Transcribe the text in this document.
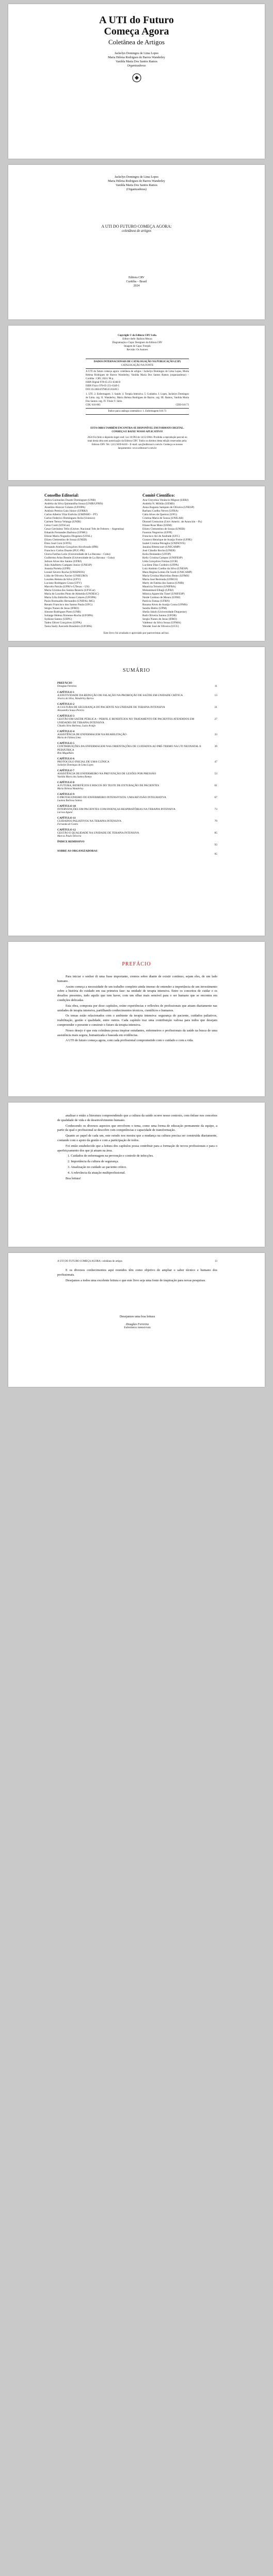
A UTI do Futuro
Começa Agora
Coletânea de Artigos
Jackelyn Domingos de Lima Lopes
Maria Helena Rodrigues de Barros Wanderley
Vanilda Maria Dos Santos Ramos
Organizadoras
Jackelyn Domingos de Lima Lopes
Maria Helena Rodrigues de Barros Wanderley
Vanilda Maria Dos Santos Ramos
(Organizadoras)
A UTI DO FUTURO COMEÇA AGORA:
coletânea de artigos
Editora CRV
Curitiba – Brasil
2024
Copyright © da Editora CRV Ltda.
Editor-chefe: Railson Moura
Diagramação e Capa: Designers da Editora CRV
Imagem de Capa: Freepik
Revisão: Os Autores
DADOS INTERNACIONAIS DE CATALOGAÇÃO NA PUBLICAÇÃO (CIP)
CATALOGAÇÃO NA FONTE
A UTI do futuro começa agora: coletânea de artigos / Jackelyn Domingos de Lima Lopes, Maria Helena Rodrigues de Barros Wanderley, Vanilda Maria Dos Santos Ramos (organizadoras) – Curitiba : CRV, 2024. 98 p.
ISBN Digital 978-65-251-6348-8
ISBN Físico 978-65-251-6349-5
DOI 10.24824/978652516349.5
1. UTI. 2. Enfermagem. 3. Saúde. 4. Terapia Intensiva. 5. Cuidados. I. Lopes, Jackelyn Domingos de Lima. org. II. Wanderley, Maria Helena Rodrigues de Barros. org. III. Ramos, Vanilda Maria Dos Santos. org. IV. Título V. Série.
CDU 616-083	CDD 610.73
Índice para catálogo sistemático: 1. Enfermagem 610.73
ESTA OBRA TAMBÉM ENCONTRA-SE DISPONÍVEL EM FORMATO DIGITAL. CONHEÇA E BAIXE NOSSO APLICATIVO!
2024 Foi feito o depósito legal conf. Lei 10.994 de 14/12/2004. Proibida a reprodução parcial ou total desta obra sem autorização da Editora CRV. Todos os direitos desta edição reservados pela: Editora CRV. Tel.: (41) 3039-6418 – E-mail: sac@editoracrv.com.br. Conheça os nossos lançamentos: www.editoracrv.com.br
Conselho Editorial:
Aldira Guimarães Duarte Domínguez (UNB)
Andréia da Silva Quintanilha Sousa (UNIR/UFRN)
Anselmo Alencar Colares (UFOPA)
Antônio Pereira Gaio Júnior (UFRRJ)
Carlos Alberto Vilar Estêvão (UMINHO – PT)
Carlos Federico Dominguez Avila (Unieuro)
Carmen Tereza Velanga (UNIR)
Celso Conti (UFSCar)
Cesar Gerónimo Tello (Univer. Nacional Três de Febrero – Argentina)
Eduardo Fernandes Barbosa (UFMG)
Elione Maria Nogueira Diogenes (UFAL)
Elizeu Clementino de Souza (UNEB)
Élsio José Corá (UFFS)
Fernando Antônio Gonçalves Alcoforado (IPB)
Francisco Carlos Duarte (PUC-PR)
Gloria Fariñas León (Universidade de La Havana – Cuba)
Guillermo Arias Beatón (Universidade de La Havana – Cuba)
Jailson Alves dos Santos (UFRJ)
João Adalberto Campato Junior (UNESP)
Josania Portela (UFPI)
Leonel Severo Rocha (UNISINOS)
Lídia de Oliveira Xavier (UNIEURO)
Lourdes Helena da Silva (UFV)
Luciano Rodrigues Costa (UFV)
Marcelo Paixão (UFRJ e UTexas – US)
Maria Cristina dos Santos Bezerra (UFSCar)
Maria de Lourdes Pinto de Almeida (UNOESC)
Maria Lília Imbiriba Sousa Colares (UFOPA)
Paulo Romualdo Hernandes (UNIFAL-MG)
Renato Francisco dos Santos Paula (UFG)
Sérgio Nunes de Jesus (IFRO)
Simone Rodrigues Pinto (UNB)
Solange Helena Ximenes-Rocha (UFOPA)
Sydione Santos (UEPG)
Tadeu Oliver Gonçalves (UFPA)
Tania Suely Azevedo Brasileiro (UFOPA)
Comitê Científico:
Ana Chrystina Venâncio Mignot (UERJ)
Andréia N. Militão (UEMS)
Anna Augusta Sampaio de Oliveira (UNESP)
Barbara Coelho Neves (UFBA)
Cátia Alves de Queiroz (UFG)
Cristina Maria de Souza (UNILAB)
Diosnel Centurion (Univ Americ. de Asunción – Py)
Eliane Rose Maio (UEM)
Elizeu Clementino de Souza (UNEB)
Fauston Negreiros (UFPI)
Francisco Ari de Andrade (UFC)
Gustavo Henrique de Araújo Freire (UFPE)
Izabel Cristina Petraglia (UNINOVE)
Janaína Bittencourt (UNICAMP)
José Cláudio Rocha (UNEB)
Keila Deslandes (UFOP)
Kelly Cristina Campos (UNIFESP)
Lêda Gonçalves Freitas (UCB)
Lucilene Dias Cordeiro (UFPA)
Luiz Antônio Coelho da Silva (UNESP)
Mara Regina Lemes De Sordi (UNICAMP)
Maria Cristina Marcelino Bento (UFMS)
Maria José Bermuda (UFRGS)
Marly de Fatima dos Santos (UNIR)
Maurícia Teixeira (UNIFRA)
Mohammed Elhajji (UFRJ)
Mônica Aparecida Tonel (UNIFESP)
Neide Cardoso de Moura (UFRJ)
Patrícia Tomaz (UFRN)
Rosana Alves de Araújo Costa (UFMS)
Sandra Bettio (UPM)
Sheila Jakob (Universidade Duquesne)
Ruth Oliveira Santos (UFOB)
Sergio Nunes de Jesus (IFRO)
Valdenor da Silva Sousa (UFMA)
Wender José de Oliveira (UCG)
Este livro foi avaliado e aprovado por pareceristas ad hoc.
SUMÁRIO
PREFÁCIO
Douglas Ferreira	11
CAPÍTULO 1
A EFETIVIDADE DA REDUÇÃO DE FALAÇÃO NA PROMOÇÃO DE SAÚDE EM UNIDADE CRÍTICA	13
Jéssica da Silva, Wanderley Barros
CAPÍTULO 2
A CULTURA DE SEGURANÇA DO PACIENTE NA UNIDADE DE TERAPIA INTENSIVA	21
Alessandra Sousa Pereira
CAPÍTULO 3
GESTÃO EM SAÚDE PÚBLICA – PERFIL E BENEFÍCIOS NO TRATAMENTO DE PACIENTES ATENDIDOS EM UNIDADES DE TERAPIA INTENSIVA
27
Cláudia Silva Barbosa, Luzia Araújo
CAPÍTULO 4
ASSISTÊNCIA DE ENFERMAGEM NA REABILITAÇÃO	33
Maria de Fátima Lima
CAPÍTULO 5
CONTRIBUIÇÕES DA ENFERMAGEM NAS ORIENTAÇÕES DE CUIDADOS AO PRÉ-TERMO NA UTI NEONATAL E PEDIÁTRICA
39
Rita Magalhães
CAPÍTULO 6
PROTOCOLO INICIAL DE UMA CLÍNICA	47
Jackelyn Domingos de Lima Lopes
CAPÍTULO 7
ASSISTÊNCIA DE ENFERMEIRO NA PREVENÇÃO DE LESÕES POR PRESSÃO	53
Vanilda Maria dos Santos Ramos
CAPÍTULO 8
A FUTURA, BENEFÍCIOS E RISCOS DO TESTE DE EXTUBAÇÃO DE PACIENTES	61
Maria Helena Wanderley
CAPÍTULO 9
O PROTAGONISMO DO ENFERMEIRO INTENSIVISTA: UMA REVISÃO INTEGRATIVA	67
Luanna Barbosa Santos
CAPÍTULO 10
INTERVENÇÕES EM PACIENTES COM DOENÇAS RESPIRATÓRIAS NA TERAPIA INTENSIVA	73
Larissa Aguiar
CAPÍTULO 11
CUIDADOS PALIATIVOS NA TERAPIA INTENSIVA	79
Fernanda de Castro
CAPÍTULO 12
GESTÃO E QUALIDADE NA UNIDADE DE TERAPIA INTENSIVA	85
Marcos Paulo Oliveira
ÍNDICE REMISSIVO
93
SOBRE AS ORGANIZADORAS
95
PREFÁCIO

Para iniciar o senhor di uma frase importante, cremos sobre diante de existir contínuo, sejam eles, de um lado humano.

Assim começa a necessidade de um trabalho completo ainda imenso de entender a importância de um investimento sobre a história do cuidado em sua primeira fase: na unidade de terapia intensiva. Entre os conceitos de cuidar e os desafios presentes, tudo aquilo que tem haver, com um olhar mais sensível para o ser humano que se encontra em condições delicadas.

Esta obra, composta por doze capítulos, reúne experiências e reflexões de profissionais que atuam diariamente nas unidades de terapia intensiva, partilhando conhecimentos técnicos, científicos e humanos.

Os temas estão relacionados com o ambiente da terapia intensiva: segurança do paciente, cuidados paliativos, reabilitação, gestão e qualidade, entre outros. Cada capítulo traz uma contribuição valiosa para todos que desejam compreender o presente e construir o futuro da terapia intensiva.

Nosso desejo é que esta coletânea possa inspirar estudantes, enfermeiros e profissionais da saúde na busca de uma assistência mais segura, humanizada e baseada em evidências.

A UTI do futuro começa agora, com cada profissional comprometido com o cuidado e com a vida.

analisar e então a literatura compreendendo que a cultura da saúde ocorre nesse contexto, com ênfase nos conceitos de qualidade de vida e de desenvolvimento humano.

Conhecendo os diversos aspectos que envolvem o tema, como uma forma de educação permanente da equipe, a partir da qual o profissional se descobre com competências e capacidade de transformação.

Quanto ao papel de cada um, este estudo nos mostra que a mudança na cultura precisa ser construída diariamente, contando com o apoio da gestão e com a participação de todos.

Foi então estabelecido que a leitura dos capítulos possa contribuir para a formação de novos profissionais e para o aperfeiçoamento dos que já atuam na área.

1. Cuidados de enfermagem na prevenção e controle de infecções.
2. Importância da cultura de segurança.
3. Atualização no cuidado ao paciente crítico.
4. A relevância da atuação multiprofissional.

Boa leitura!

A UTI DO FUTURO COMEÇA AGORA: coletânea de artigos	13

E os diversos conhecimentos aqui reunidos têm como objetivo de ampliar o saber técnico e humano dos profissionais.

Desejamos a todos uma excelente leitura e que este livro seja uma fonte de inspiração para novas pesquisas.

Desejamos uma boa leitura
Douglas Ferreira
Enfermeiro intensivista
